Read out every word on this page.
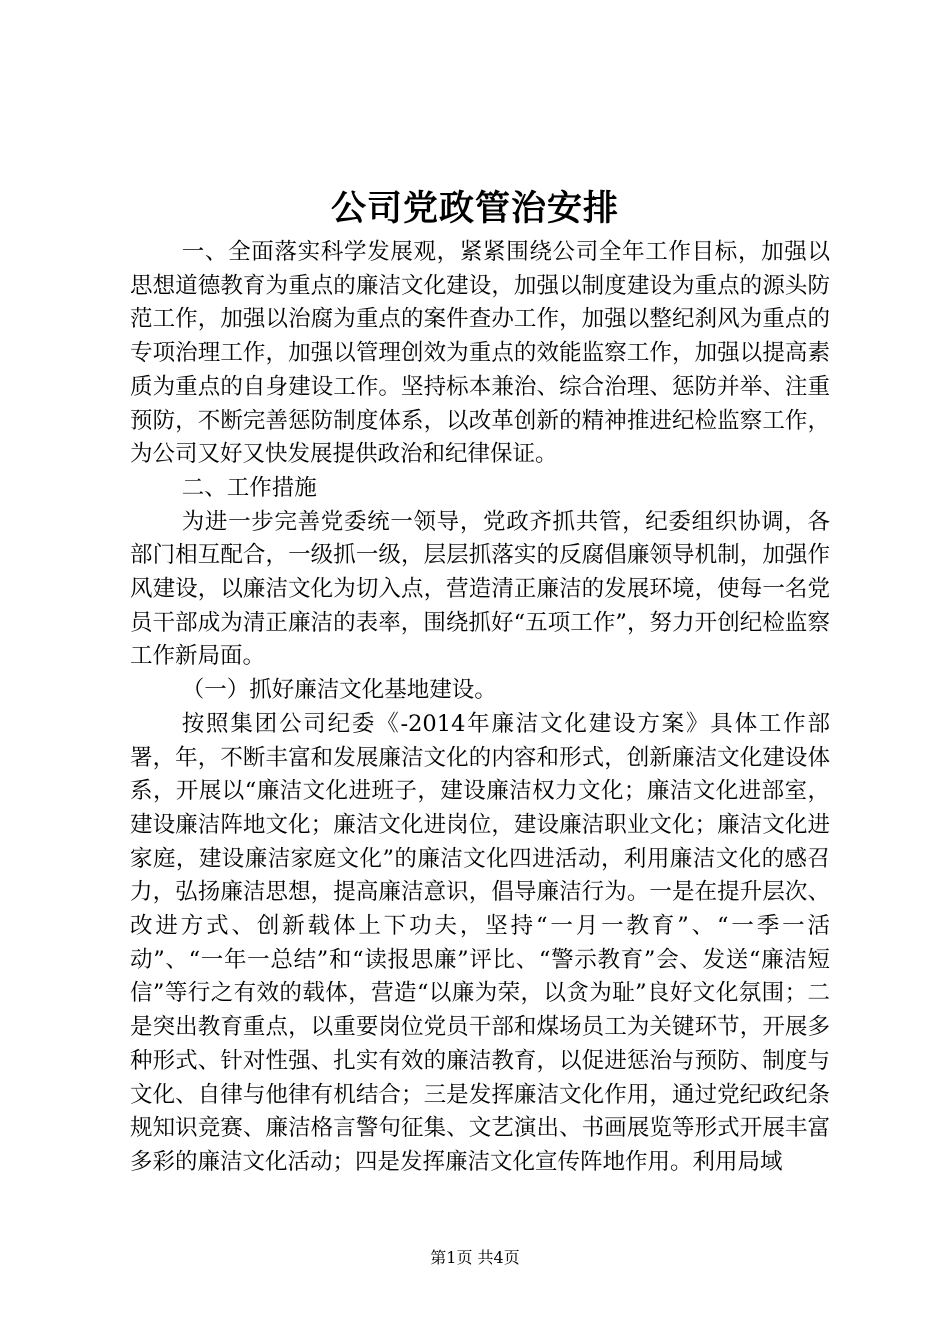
公司党政管治安排

一、全面落实科学发展观，紧紧围绕公司全年工作目标，加强以思想道德教育为重点的廉洁文化建设，加强以制度建设为重点的源头防范工作，加强以治腐为重点的案件查办工作，加强以整纪刹风为重点的专项治理工作，加强以管理创效为重点的效能监察工作，加强以提高素质为重点的自身建设工作。坚持标本兼治、综合治理、惩防并举、注重预防，不断完善惩防制度体系，以改革创新的精神推进纪检监察工作，为公司又好又快发展提供政治和纪律保证。

二、工作措施

为进一步完善党委统一领导，党政齐抓共管，纪委组织协调，各部门相互配合，一级抓一级，层层抓落实的反腐倡廉领导机制，加强作风建设，以廉洁文化为切入点，营造清正廉洁的发展环境，使每一名党员干部成为清正廉洁的表率，围绕抓好“五项工作”，努力开创纪检监察工作新局面。

（一）抓好廉洁文化基地建设。

按照集团公司纪委《-2014年廉洁文化建设方案》具体工作部署，年，不断丰富和发展廉洁文化的内容和形式，创新廉洁文化建设体系，开展以“廉洁文化进班子，建设廉洁权力文化；廉洁文化进部室，建设廉洁阵地文化；廉洁文化进岗位，建设廉洁职业文化；廉洁文化进家庭，建设廉洁家庭文化”的廉洁文化四进活动，利用廉洁文化的感召力，弘扬廉洁思想，提高廉洁意识，倡导廉洁行为。一是在提升层次、改进方式、创新载体上下功夫，坚持“一月一教育”、“一季一活动”、“一年一总结”和“读报思廉”评比、“警示教育”会、发送“廉洁短信”等行之有效的载体，营造“以廉为荣，以贪为耻”良好文化氛围；二是突出教育重点，以重要岗位党员干部和煤场员工为关键环节，开展多种形式、针对性强、扎实有效的廉洁教育，以促进惩治与预防、制度与文化、自律与他律有机结合；三是发挥廉洁文化作用，通过党纪政纪条规知识竞赛、廉洁格言警句征集、文艺演出、书画展览等形式开展丰富多彩的廉洁文化活动；四是发挥廉洁文化宣传阵地作用。利用局域

第1页 共4页
